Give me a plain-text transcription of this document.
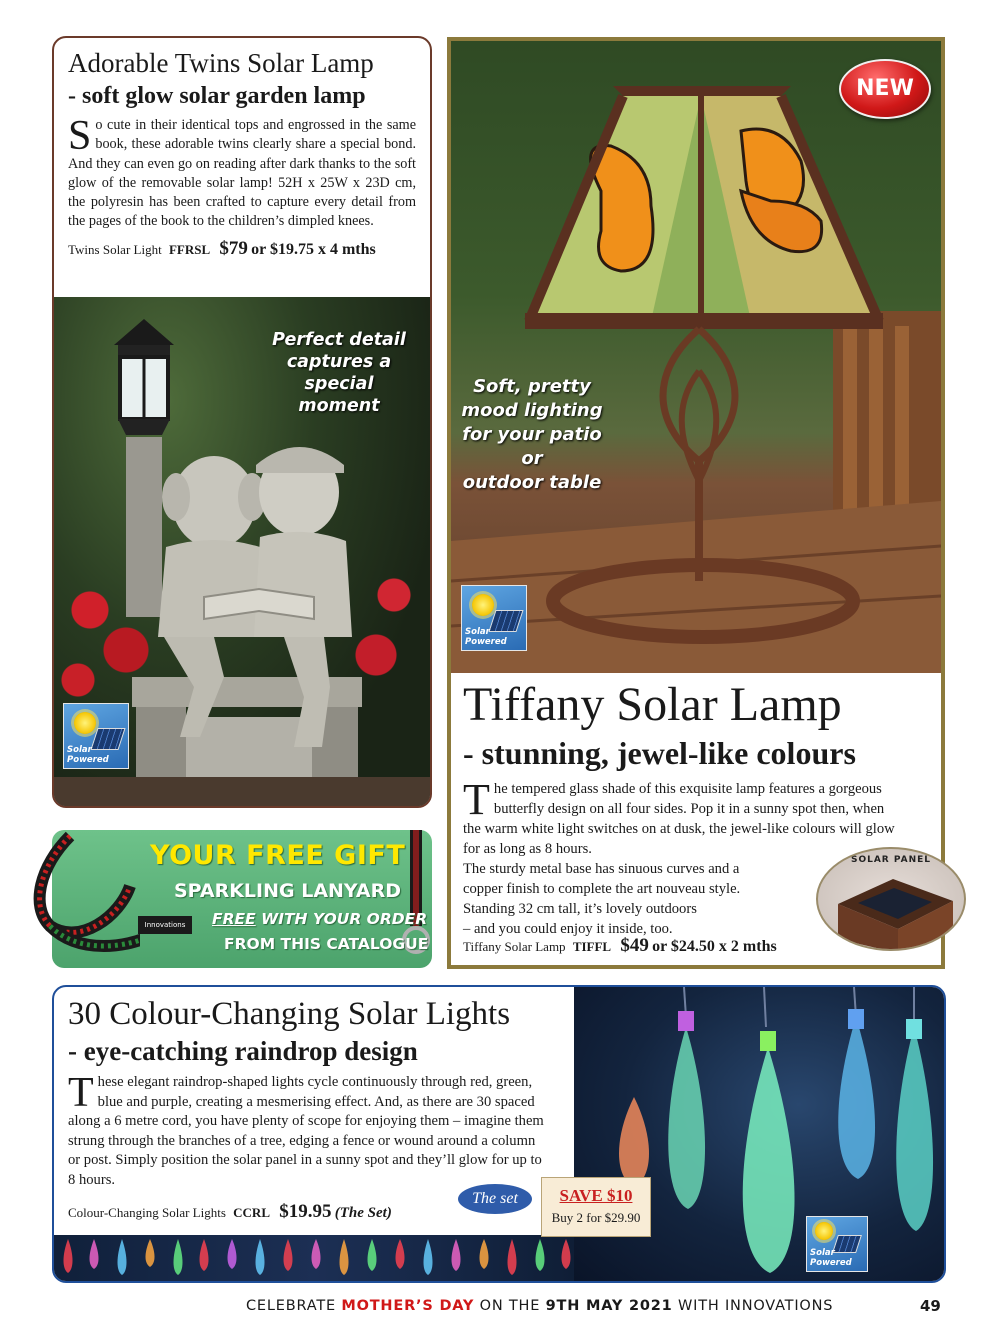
Adorable Twins Solar Lamp
- soft glow solar garden lamp

So cute in their identical tops and engrossed in the same book, these adorable twins clearly share a special bond. And they can even go on reading after dark thanks to the soft glow of the removable solar lamp! 52H x 25W x 23D cm, the polyresin has been crafted to capture every detail from the pages of the book to the children’s dimpled knees.

Twins Solar Light FFRSL $79 or $19.75 x 4 mths
Perfect detail
captures a
special moment
Solar
Powered
NEW
Soft, pretty
mood lighting
for your patio or
outdoor table
Tiffany Solar Lamp
- stunning, jewel-like colours

The tempered glass shade of this exquisite lamp features a gorgeous butterfly design on all four sides. Pop it in a sunny spot then, when the warm white light switches on at dusk, the jewel-like colours will glow for as long as 8 hours.

The sturdy metal base has sinuous curves and a
copper finish to complete the art nouveau style.
Standing 32 cm tall, it’s lovely outdoors
– and you could enjoy it inside, too.
Tiffany Solar Lamp TIFFL $49 or $24.50 x 2 mths
Solar
Powered
SOLAR PANEL
Innovations
YOUR FREE GIFT
SPARKLING LANYARD
FREE WITH YOUR ORDER
FROM THIS CATALOGUE
30 Colour-Changing Solar Lights
- eye-catching raindrop design

These elegant raindrop-shaped lights cycle continuously through red, green, blue and purple, creating a mesmerising effect. And, as there are 30 spaced along a 6 metre cord, you have plenty of scope for enjoying them – imagine them strung through the branches of a tree, edging a fence or wound around a column or post. Simply position the solar panel in a sunny spot and they’ll glow for up to 8 hours.

Colour-Changing Solar Lights CCRL $19.95 (The Set)
The set	SAVE $10
Buy 2 for $29.90
Solar
Powered
CELEBRATE MOTHER’S DAY ON THE 9TH MAY 2021 WITH INNOVATIONS	49
